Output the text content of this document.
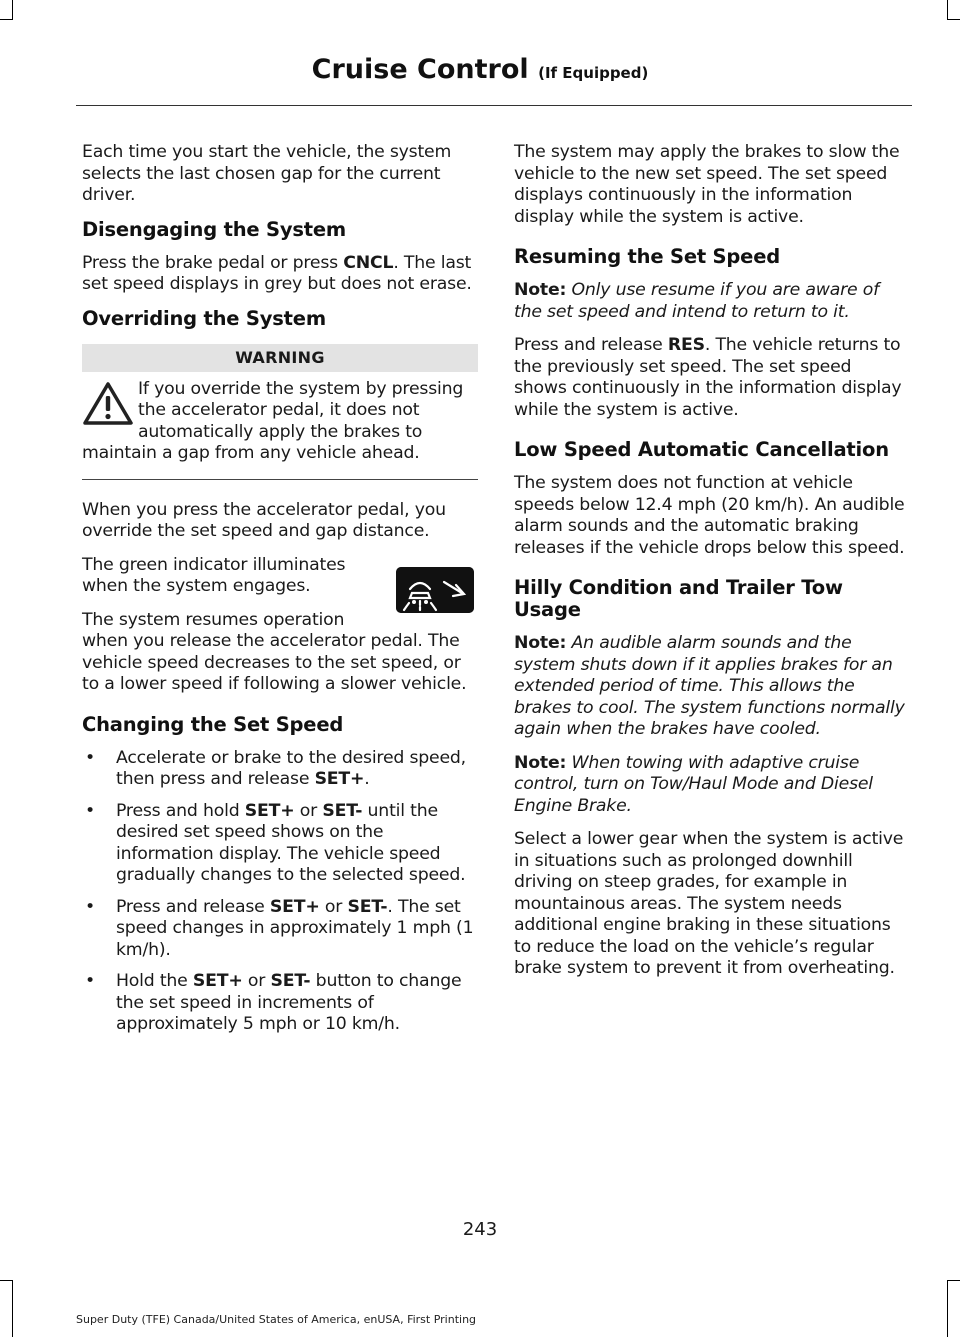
Cruise Control (If Equipped)

Each time you start the vehicle, the system selects the last chosen gap for the current driver.

Disengaging the System

Press the brake pedal or press CNCL. The last set speed displays in grey but does not erase.

Overriding the System
WARNING
If you override the system by pressing the accelerator pedal, it does not automatically apply the brakes to maintain a gap from any vehicle ahead.

When you press the accelerator pedal, you override the set speed and gap distance.

The green indicator illuminates when the system engages.

The system resumes operation when you release the accelerator pedal. The vehicle speed decreases to the set speed, or to a lower speed if following a slower vehicle.

Changing the Set Speed
• Accelerate or brake to the desired speed, then press and release SET+.
• Press and hold SET+ or SET- until the desired set speed shows on the information display. The vehicle speed gradually changes to the selected speed.
• Press and release SET+ or SET-. The set speed changes in approximately 1 mph (1 km/h).
• Hold the SET+ or SET- button to change the set speed in increments of approximately 5 mph or 10 km/h.

The system may apply the brakes to slow the vehicle to the new set speed. The set speed displays continuously in the information display while the system is active.

Resuming the Set Speed

Note: Only use resume if you are aware of the set speed and intend to return to it.

Press and release RES. The vehicle returns to the previously set speed. The set speed shows continuously in the information display while the system is active.

Low Speed Automatic Cancellation

The system does not function at vehicle speeds below 12.4 mph (20 km/h). An audible alarm sounds and the automatic braking releases if the vehicle drops below this speed.

Hilly Condition and Trailer Tow Usage

Note: An audible alarm sounds and the system shuts down if it applies brakes for an extended period of time. This allows the brakes to cool. The system functions normally again when the brakes have cooled.

Note: When towing with adaptive cruise control, turn on Tow/Haul Mode and Diesel Engine Brake.

Select a lower gear when the system is active in situations such as prolonged downhill driving on steep grades, for example in mountainous areas. The system needs additional engine braking in these situations to reduce the load on the vehicle’s regular brake system to prevent it from overheating.

243
Super Duty (TFE) Canada/United States of America, enUSA, First Printing
